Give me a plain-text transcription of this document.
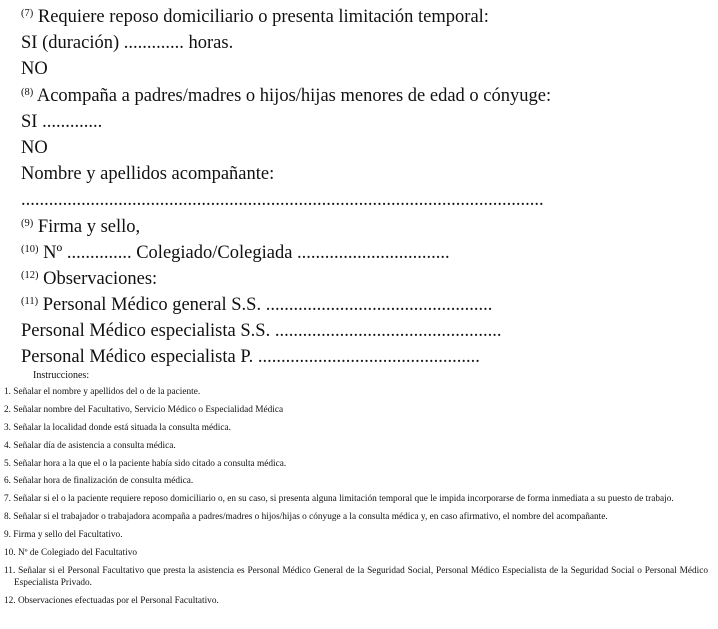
$^{(7)}$ Requiere reposo domiciliario o presenta limitación temporal:
SI (duración) ............. horas.
NO
$^{(8)}$ Acompaña a padres/madres o hijos/hijas menores de edad o cónyuge:
SI .............
NO
Nombre y apellidos acompañante:
.................................................................................................................
$^{(9)}$ Firma y sello,
$^{(10)}$ Nº .............. Colegiado/Colegiada .................................
$^{(12)}$ Observaciones:
$^{(11)}$ Personal Médico general S.S. .................................................
Personal Médico especialista S.S. .................................................
Personal Médico especialista P. ................................................
Instrucciones:
1. Señalar el nombre y apellidos del o de la paciente.
2. Señalar nombre del Facultativo, Servicio Médico o Especialidad Médica
3. Señalar la localidad donde está situada la consulta médica.
4. Señalar día de asistencia a consulta médica.
5. Señalar hora a la que el o la paciente había sido citado a consulta médica.
6. Señalar hora de finalización de consulta médica.
7. Señalar si el o la paciente requiere reposo domiciliario o, en su caso, si presenta alguna limitación temporal que le impida incorporarse de forma inmediata a su puesto de trabajo.
8. Señalar si el trabajador o trabajadora acompaña a padres/madres o hijos/hijas o cónyuge a la consulta médica y, en caso afirmativo, el nombre del acompañante.
9. Firma y sello del Facultativo.
10. Nº de Colegiado del Facultativo
11. Señalar si el Personal Facultativo que presta la asistencia es Personal Médico General de la Seguridad Social, Personal Médico Especialista de la Seguridad Social o Personal Médico Especialista Privado.
12. Observaciones efectuadas por el Personal Facultativo.
